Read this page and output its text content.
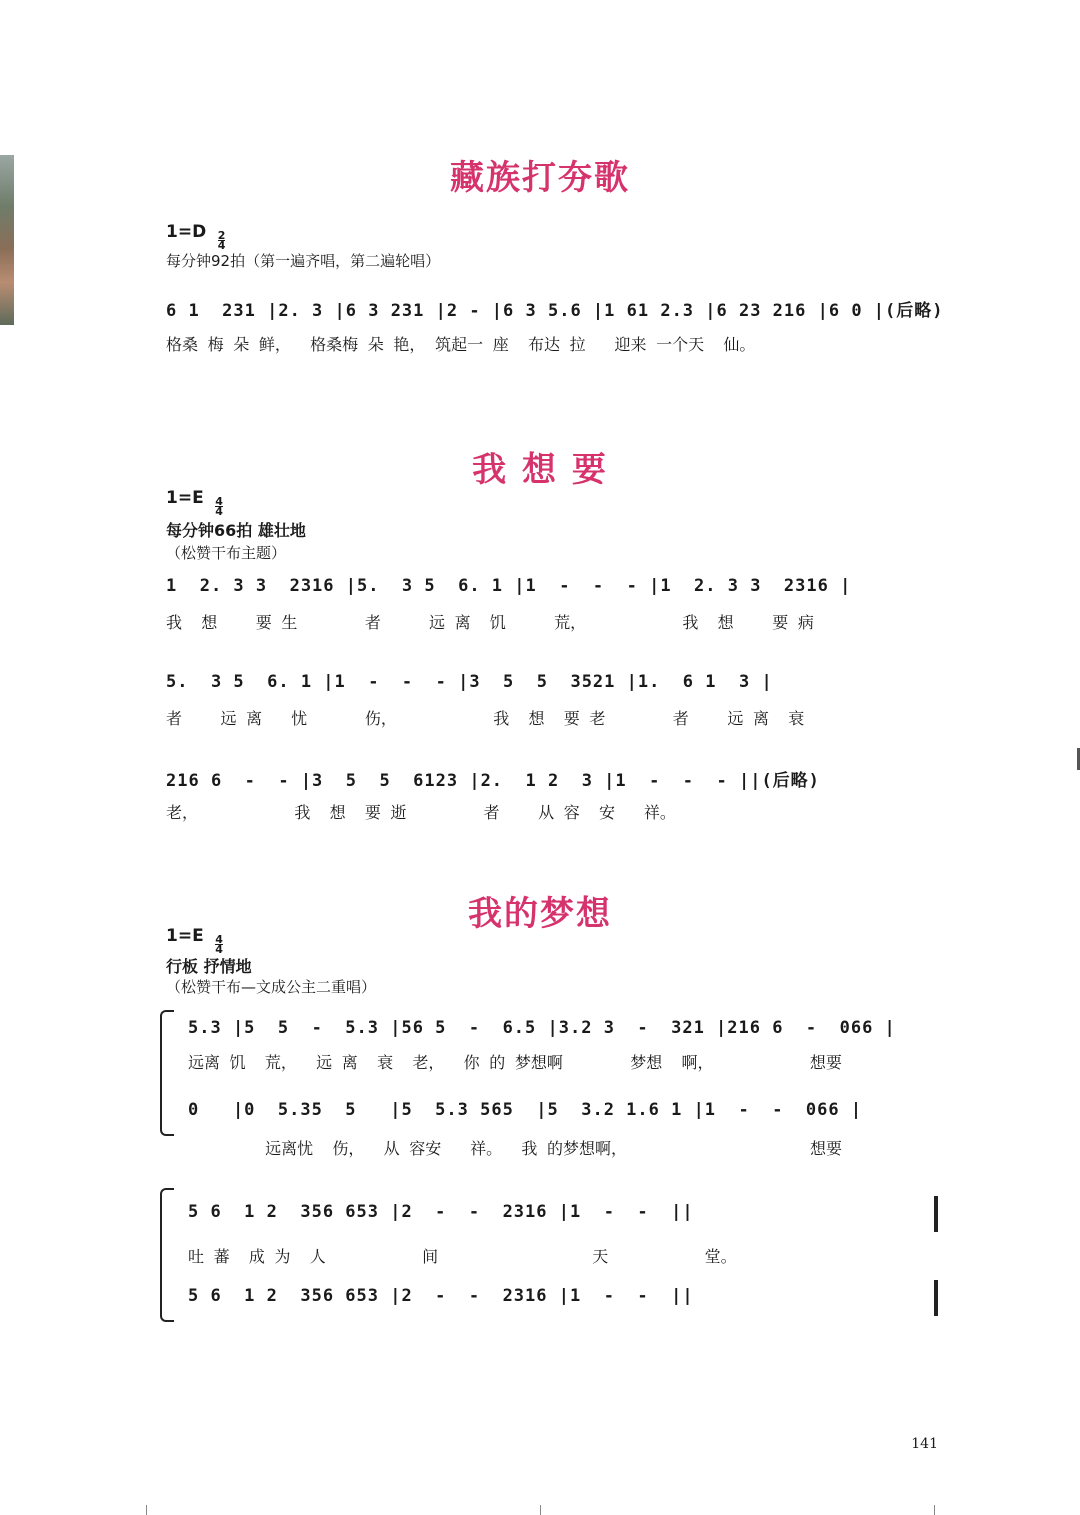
藏族打夯歌
$1=D \frac{2}{4}$
每分钟92拍（第一遍齐唱，第二遍轮唱）
6 1  231 |2. 3 |6 3 231 |2 - |6 3 5.6 |1 61 2.3 |6 23 216 |6 0 |(后略)
格桑 梅 朵 鲜，  格桑梅 朵 艳， 筑起一 座  布达 拉   迎来 一个天  仙。
我 想 要
$1=E \frac{4}{4}$
每分钟66拍 雄壮地
（松赞干布主题）
1  2. 3 3  2316 |5.  3 5  6. 1 |1  -  -  - |1  2. 3 3  2316 |
我  想    要 生       者     远 离  饥     荒，          我  想    要 病
5.  3 5  6. 1 |1  -  -  - |3  5  5  3521 |1.  6 1  3 |
者    远 离   忧      伤，          我  想  要 老       者    远 离  衰
216 6  -  - |3  5  5  6123 |2.  1 2  3 |1  -  -  - ||(后略)
老，          我  想  要 逝        者    从 容  安   祥。
我的梦想
$1=E \frac{4}{4}$
行板 抒情地
（松赞干布—文成公主二重唱）
5.3 |5  5  -  5.3 |56 5  -  6.5 |3.2 3  -  321 |216 6  -  066 |
远离 饥  荒，  远 离  衰  老，  你 的 梦想啊       梦想  啊，          想要
0   |0  5.35  5   |5  5.3 565  |5  3.2 1.6 1 |1  -  -  066 |
远离忧  伤，  从 容安   祥。  我 的梦想啊，                   想要
5 6  1 2  356 653 |2  -  -  2316 |1  -  -  ||
吐 蕃  成 为  人          间                天          堂。
5 6  1 2  356 653 |2  -  -  2316 |1  -  -  ||
141
